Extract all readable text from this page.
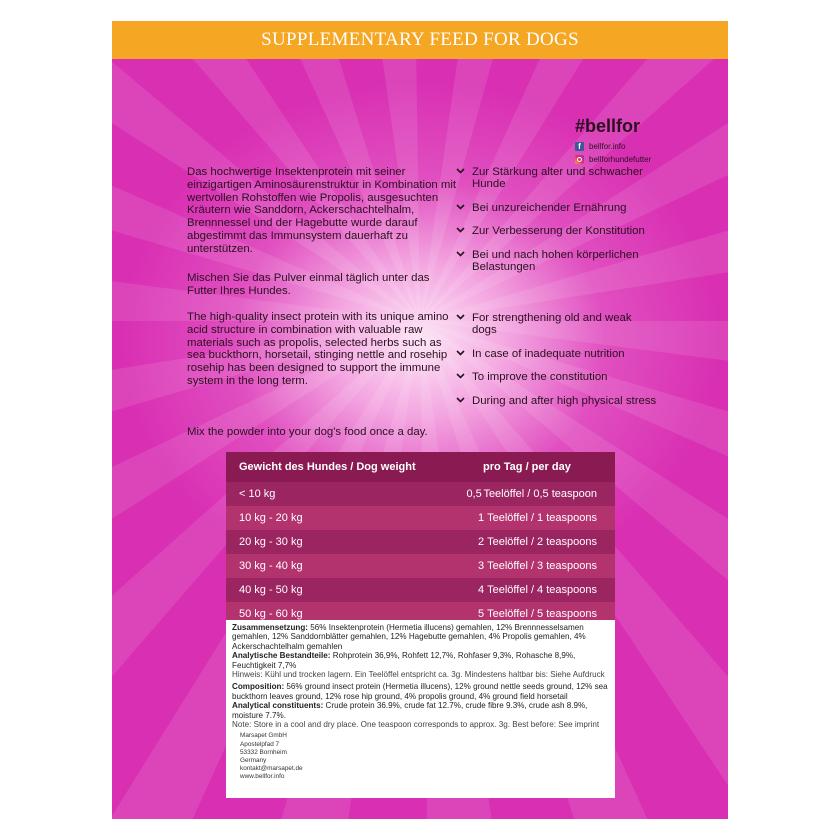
SUPPLEMENTARY FEED FOR DOGS
#bellfor
f	bellfor.info
bellforhundefutter

Das hochwertige Insektenprotein mit seiner einzigartigen Aminosäurenstruktur in Kombination mit wertvollen Rohstoffen wie Propolis, ausgesuchten Kräutern wie Sanddorn, Ackerschachtelhalm, Brennnessel und der Hagebutte wurde darauf abgestimmt das Immunsystem dauerhaft zu unterstützen.

Mischen Sie das Pulver einmal täglich unter das Futter Ihres Hundes.

The high-quality insect protein with its unique amino acid structure in combination with valuable raw materials such as propolis, selected herbs such as sea buckthorn, horsetail, stinging nettle and rosehip rosehip has been designed to support the immune system in the long term.

Mix the powder into your dog's food once a day.

Zur Stärkung alter und schwacher Hunde
Bei unzureichender Ernährung
Zur Verbesserung der Konstitution
Bei und nach hohen körperlichen Belastungen
For strengthening old and weak dogs
In case of inadequate nutrition
To improve the constitution
During and after high physical stress
Gewicht des Hundes / Dog weight	pro Tag / per day
< 10 kg	0,5 Teelöffel / 0,5 teaspoon
10 kg - 20 kg	1 Teelöffel / 1 teaspoons
20 kg - 30 kg	2 Teelöffel / 2 teaspoons
30 kg - 40 kg	3 Teelöffel / 3 teaspoons
40 kg - 50 kg	4 Teelöffel / 4 teaspoons
50 kg - 60 kg	5 Teelöffel / 5 teaspoons

Zusammensetzung: 56% Insektenprotein (Hermetia illucens) gemahlen, 12% Brennnesselsamen gemahlen, 12% Sanddornblätter gemahlen, 12% Hagebutte gemahlen, 4% Propolis gemahlen, 4% Ackerschachtelhalm gemahlen

Analytische Bestandteile: Rohprotein 36,9%, Rohfett 12,7%, Rohfaser 9,3%, Rohasche 8,9%, Feuchtigkeit 7,7%

Hinweis: Kühl und trocken lagern. Ein Teelöffel entspricht ca. 3g. Mindestens haltbar bis: Siehe Aufdruck

Composition: 56% ground insect protein (Hermetia illucens), 12% ground nettle seeds ground, 12% sea buckthorn leaves ground, 12% rose hip ground, 4% propolis ground, 4% ground field horsetail

Analytical constituents: Crude protein 36.9%, crude fat 12.7%, crude fibre 9.3%, crude ash 8.9%, moisture 7.7%.

Note: Store in a cool and dry place. One teaspoon corresponds to approx. 3g. Best before: See imprint

Marsapet GmbH
Apostelpfad 7
53332 Bornheim
Germany
kontakt@marsapet.de
www.bellfor.info
